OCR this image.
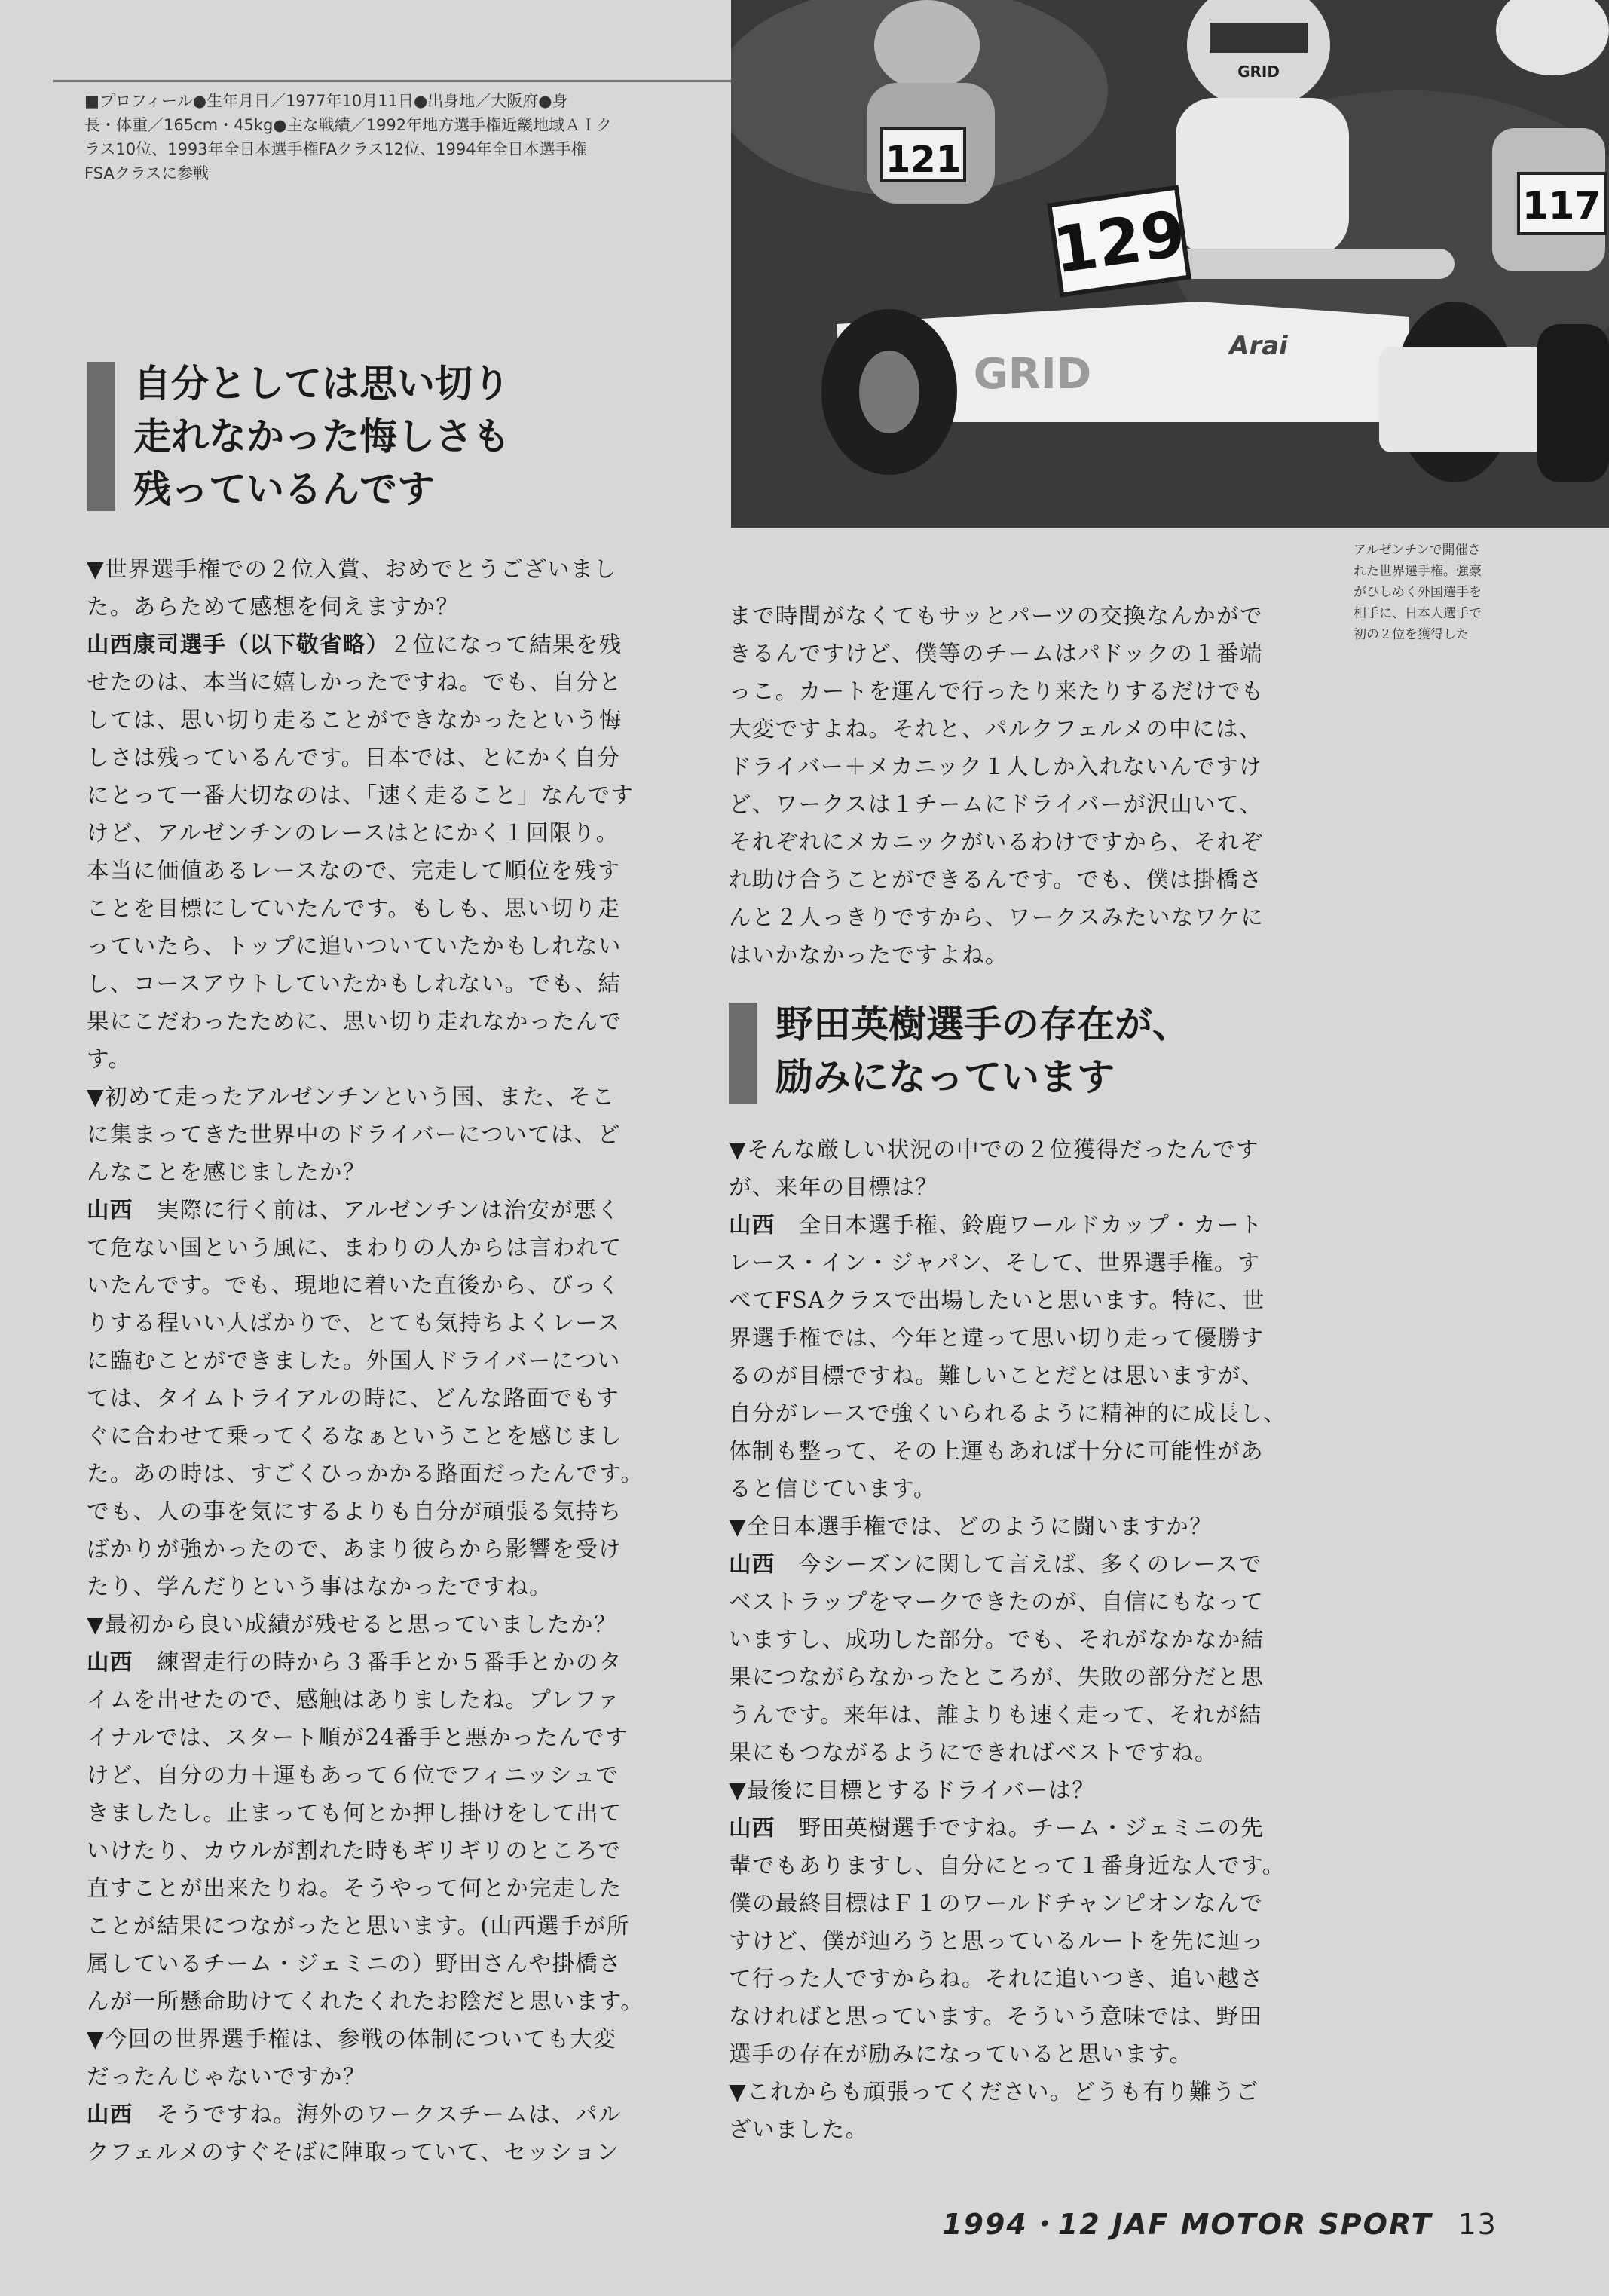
121
117
GRID
129
GRID
Arai
■プロフィール●生年月日／1977年10月11日●出身地／大阪府●身
長・体重／165cm・45kg●主な戦績／1992年地方選手権近畿地域ＡＩク
ラス10位、1993年全日本選手権FAクラス12位、1994年全日本選手権
FSAクラスに参戦
自分としては思い切り
走れなかった悔しさも
残っているんです
アルゼンチンで開催さ
れた世界選手権。強豪
がひしめく外国選手を
相手に、日本人選手で
初の２位を獲得した
▼世界選手権での２位入賞、おめでとうございまし
た。あらためて感想を伺えますか？
山西康司選手（以下敬省略）２位になって結果を残
せたのは、本当に嬉しかったですね。でも、自分と
しては、思い切り走ることができなかったという悔
しさは残っているんです。日本では、とにかく自分
にとって一番大切なのは、「速く走ること」なんです
けど、アルゼンチンのレースはとにかく１回限り。
本当に価値あるレースなので、完走して順位を残す
ことを目標にしていたんです。もしも、思い切り走
っていたら、トップに追いついていたかもしれない
し、コースアウトしていたかもしれない。でも、結
果にこだわったために、思い切り走れなかったんで
す。
▼初めて走ったアルゼンチンという国、また、そこ
に集まってきた世界中のドライバーについては、ど
んなことを感じましたか？
山西　実際に行く前は、アルゼンチンは治安が悪く
て危ない国という風に、まわりの人からは言われて
いたんです。でも、現地に着いた直後から、びっく
りする程いい人ばかりで、とても気持ちよくレース
に臨むことができました。外国人ドライバーについ
ては、タイムトライアルの時に、どんな路面でもす
ぐに合わせて乗ってくるなぁということを感じまし
た。あの時は、すごくひっかかる路面だったんです。
でも、人の事を気にするよりも自分が頑張る気持ち
ばかりが強かったので、あまり彼らから影響を受け
たり、学んだりという事はなかったですね。
▼最初から良い成績が残せると思っていましたか？
山西　練習走行の時から３番手とか５番手とかのタ
イムを出せたので、感触はありましたね。プレファ
イナルでは、スタート順が24番手と悪かったんです
けど、自分の力＋運もあって６位でフィニッシュで
きましたし。止まっても何とか押し掛けをして出て
いけたり、カウルが割れた時もギリギリのところで
直すことが出来たりね。そうやって何とか完走した
ことが結果につながったと思います。(山西選手が所
属しているチーム・ジェミニの）野田さんや掛橋さ
んが一所懸命助けてくれたくれたお陰だと思います。
▼今回の世界選手権は、参戦の体制についても大変
だったんじゃないですか？
山西　そうですね。海外のワークスチームは、パル
クフェルメのすぐそばに陣取っていて、セッション
まで時間がなくてもサッとパーツの交換なんかがで
きるんですけど、僕等のチームはパドックの１番端
っこ。カートを運んで行ったり来たりするだけでも
大変ですよね。それと、パルクフェルメの中には、
ドライバー＋メカニック１人しか入れないんですけ
ど、ワークスは１チームにドライバーが沢山いて、
それぞれにメカニックがいるわけですから、それぞ
れ助け合うことができるんです。でも、僕は掛橋さ
んと２人っきりですから、ワークスみたいなワケに
はいかなかったですよね。
野田英樹選手の存在が、
励みになっています
▼そんな厳しい状況の中での２位獲得だったんです
が、来年の目標は？
山西　全日本選手権、鈴鹿ワールドカップ・カート
レース・イン・ジャパン、そして、世界選手権。す
べてFSAクラスで出場したいと思います。特に、世
界選手権では、今年と違って思い切り走って優勝す
るのが目標ですね。難しいことだとは思いますが、
自分がレースで強くいられるように精神的に成長し、
体制も整って、その上運もあれば十分に可能性があ
ると信じています。
▼全日本選手権では、どのように闘いますか？
山西　今シーズンに関して言えば、多くのレースで
ベストラップをマークできたのが、自信にもなって
いますし、成功した部分。でも、それがなかなか結
果につながらなかったところが、失敗の部分だと思
うんです。来年は、誰よりも速く走って、それが結
果にもつながるようにできればベストですね。
▼最後に目標とするドライバーは？
山西　野田英樹選手ですね。チーム・ジェミニの先
輩でもありますし、自分にとって１番身近な人です。
僕の最終目標はＦ１のワールドチャンピオンなんで
すけど、僕が辿ろうと思っているルートを先に辿っ
て行った人ですからね。それに追いつき、追い越さ
なければと思っています。そういう意味では、野田
選手の存在が励みになっていると思います。
▼これからも頑張ってください。どうも有り難うご
ざいました。
1994・12 JAF MOTOR SPORT 13
